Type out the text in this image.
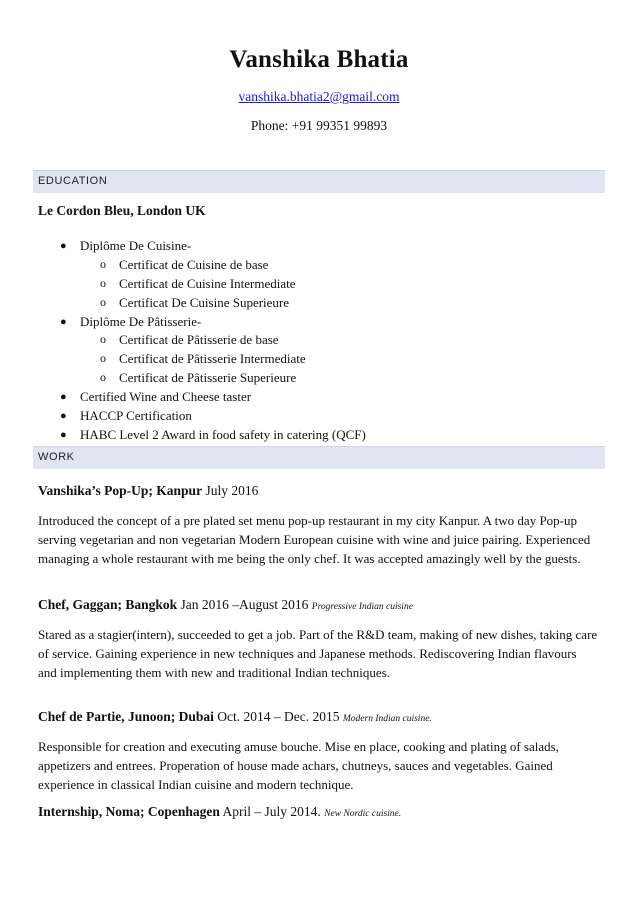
Vanshika Bhatia
vanshika.bhatia2@gmail.com
Phone: +91 99351 99893
EDUCATION
Le Cordon Bleu, London UK
● Diplôme De Cuisine-
o Certificat de Cuisine de base
o Certificat de Cuisine Intermediate
o Certificat De Cuisine Superieure
● Diplôme De Pâtisserie-
o Certificat de Pâtisserie de base
o Certificat de Pâtisserie Intermediate
o Certificat de Pâtisserie Superieure
● Certified Wine and Cheese taster
● HACCP Certification
● HABC Level 2 Award in food safety in catering (QCF)
WORK
Vanshika’s Pop-Up; Kanpur July 2016
Introduced the concept of a pre plated set menu pop-up restaurant in my city Kanpur. A two day Pop-up serving vegetarian and non vegetarian Modern European cuisine with wine and juice pairing. Experienced managing a whole restaurant with me being the only chef. It was accepted amazingly well by the guests.
Chef, Gaggan; Bangkok Jan 2016 –August 2016 Progressive Indian cuisine
Stared as a stagier(intern), succeeded to get a job. Part of the R&D team, making of new dishes, taking care of service. Gaining experience in new techniques and Japanese methods. Rediscovering Indian flavours and implementing them with new and traditional Indian techniques.
Chef de Partie, Junoon; Dubai Oct. 2014 – Dec. 2015 Modern Indian cuisine.
Responsible for creation and executing amuse bouche. Mise en place, cooking and plating of salads, appetizers and entrees. Properation of house made achars, chutneys, sauces and vegetables. Gained experience in classical Indian cuisine and modern technique.
Internship, Noma; Copenhagen April – July 2014. New Nordic cuisine.
